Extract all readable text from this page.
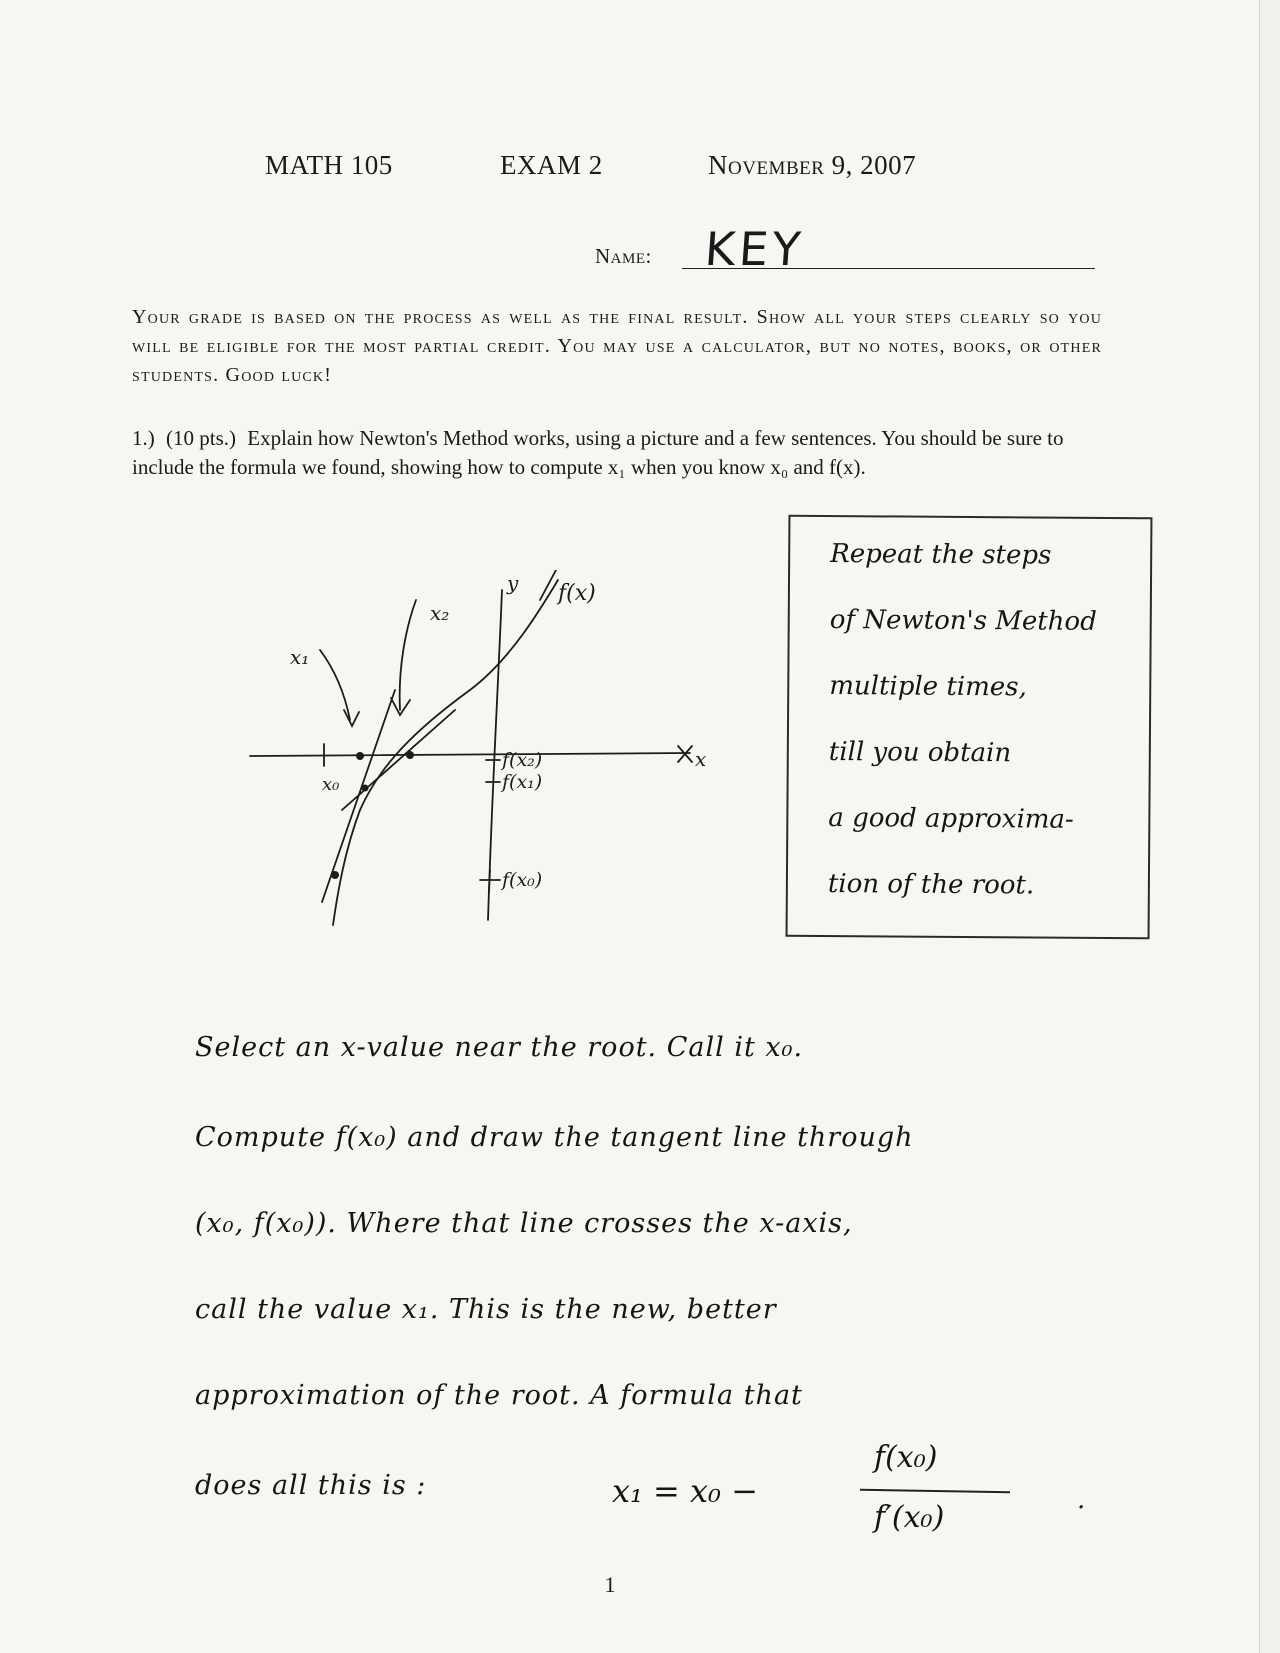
MATH 105	EXAM 2	November 9, 2007
Name: KEY
Your grade is based on the process as well as the final result. Show all your steps clearly so you will be eligible for the most partial credit. You may use a calculator, but no notes, books, or other students. Good luck!
1.) (10 pts.) Explain how Newton's Method works, using a picture and a few sentences. You should be sure to include the formula we found, showing how to compute x₁ when you know x₀ and f(x).
y
x
f(x)
x₁
x₂
x₀
f(x₂)
f(x₁)
f(x₀)
Repeat the steps
of Newton's Method
multiple times,
till you obtain
a good approxima-
tion of the root.
Select an x-value near the root. Call it x₀.
Compute f(x₀) and draw the tangent line through
(x₀, f(x₀)). Where that line crosses the x-axis,
call the value x₁. This is the new, better
approximation of the root. A formula that
does all this is :	x₁ = x₀ −
f(x₀)
f′(x₀)	.
1
